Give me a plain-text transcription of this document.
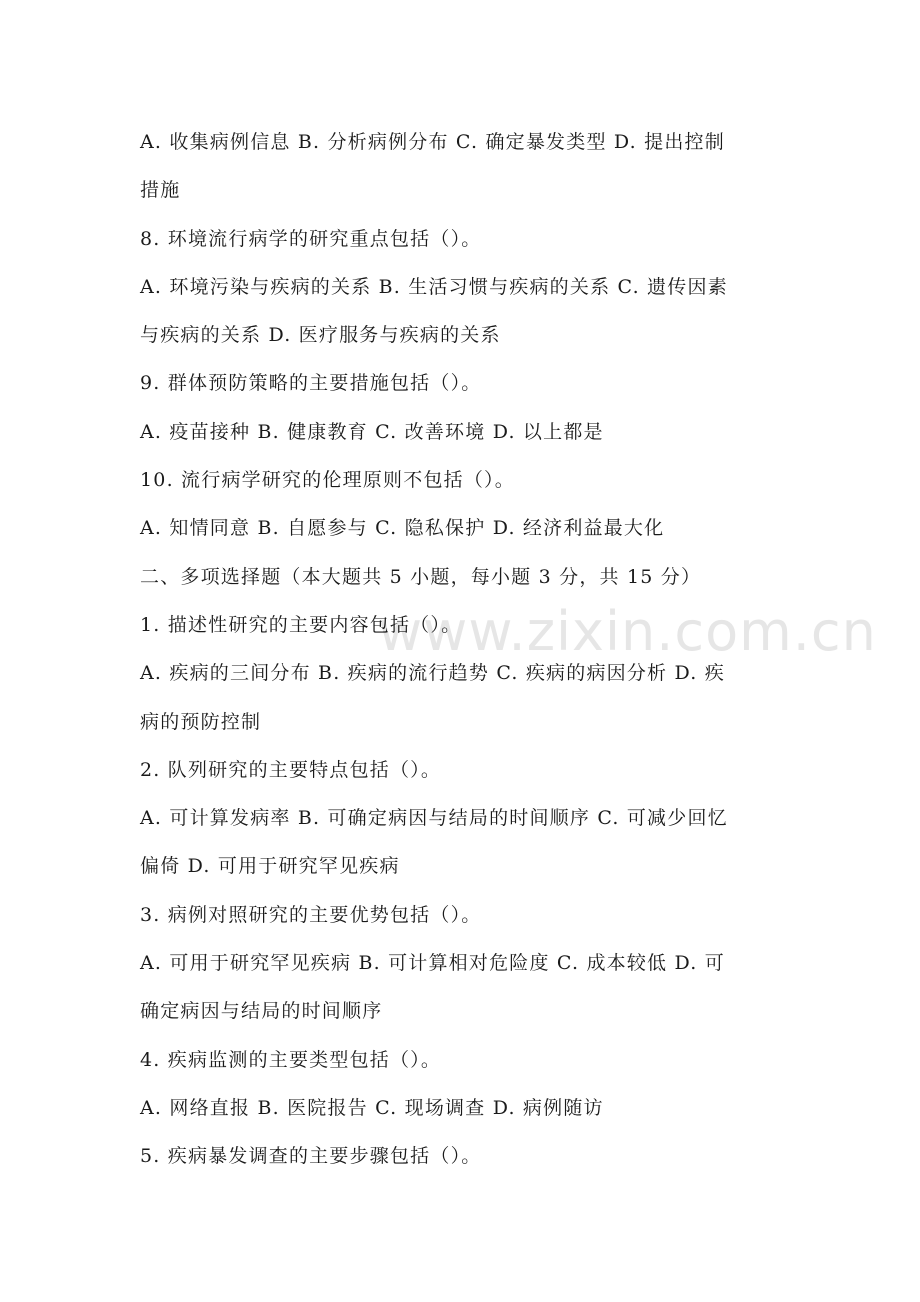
www.zixin.com.cn
A. 收集病例信息 B. 分析病例分布 C. 确定暴发类型 D. 提出控制
措施
8. 环境流行病学的研究重点包括（）。
A. 环境污染与疾病的关系 B. 生活习惯与疾病的关系 C. 遗传因素
与疾病的关系 D. 医疗服务与疾病的关系
9. 群体预防策略的主要措施包括（）。
A. 疫苗接种 B. 健康教育 C. 改善环境 D. 以上都是
10. 流行病学研究的伦理原则不包括（）。
A. 知情同意 B. 自愿参与 C. 隐私保护 D. 经济利益最大化
二、多项选择题（本大题共 5 小题，每小题 3 分，共 15 分）
1. 描述性研究的主要内容包括（）。
A. 疾病的三间分布 B. 疾病的流行趋势 C. 疾病的病因分析 D. 疾
病的预防控制
2. 队列研究的主要特点包括（）。
A. 可计算发病率 B. 可确定病因与结局的时间顺序 C. 可减少回忆
偏倚 D. 可用于研究罕见疾病
3. 病例对照研究的主要优势包括（）。
A. 可用于研究罕见疾病 B. 可计算相对危险度 C. 成本较低 D. 可
确定病因与结局的时间顺序
4. 疾病监测的主要类型包括（）。
A. 网络直报 B. 医院报告 C. 现场调查 D. 病例随访
5. 疾病暴发调查的主要步骤包括（）。
